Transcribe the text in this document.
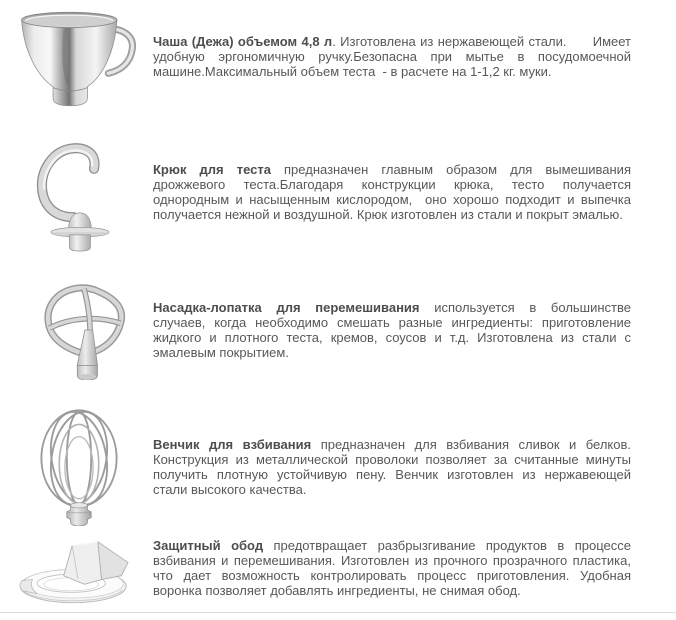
Чаша (Дежа) объемом 4,8 л. Изготовлена из нержавеющей стали.      Имеет удобную эргономичную ручку.Безопасна при мытье в посудомоечной машине.Максимальный объем теста  - в расчете на 1-1,2 кг. муки.

Крюк для теста предназначен главным образом для вымешивания дрожжевого теста.Благодаря конструкции крюка, тесто получается однородным и насыщенным кислородом,  оно хорошо подходит и выпечка получается нежной и воздушной. Крюк изготовлен из стали и покрыт эмалью.

Насадка-лопатка для перемешивания используется в большинстве случаев, когда необходимо смешать разные ингредиенты: приготовление жидкого и плотного теста, кремов, соусов и т.д. Изготовлена из стали с эмалевым покрытием.

Венчик для взбивания предназначен для взбивания сливок и белков. Конструкция из металлической проволоки позволяет за считанные минуты получить плотную устойчивую пену. Венчик изготовлен из нержавеющей стали высокого качества.

Защитный обод предотвращает разбрызгивание продуктов в процессе взбивания и перемешивания. Изготовлен из прочного прозрачного пластика, что дает возможность контролировать процесс приготовления. Удобная воронка позволяет добавлять ингредиенты, не снимая обод.
